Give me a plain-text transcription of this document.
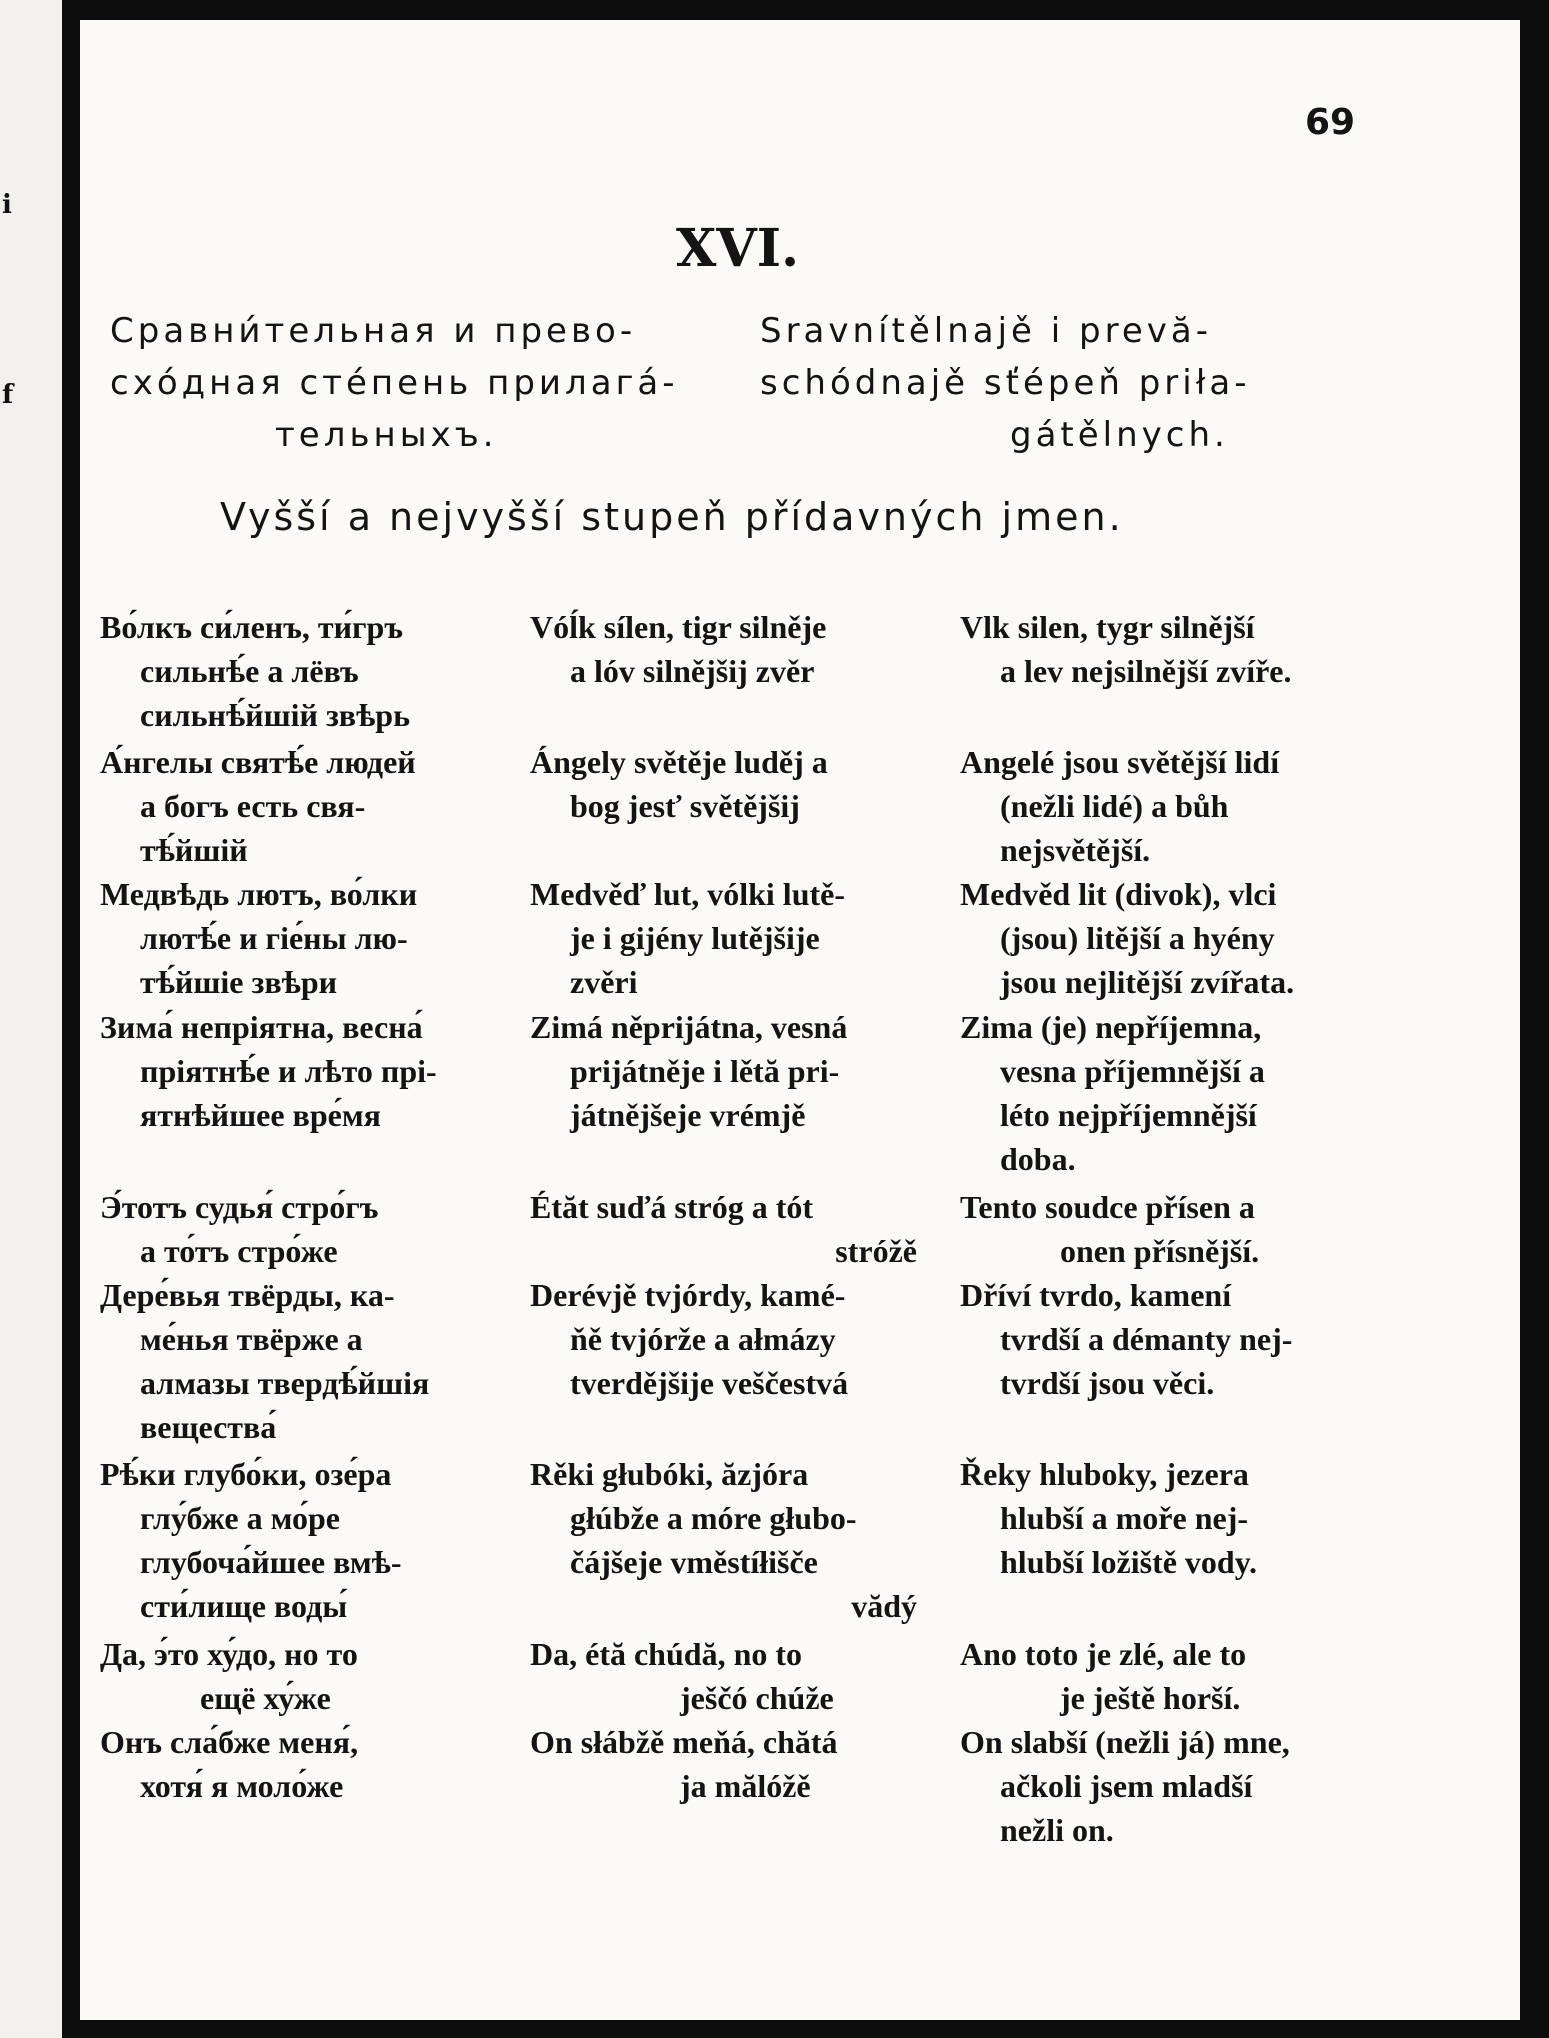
i
f
69
XVI.
Сравни́тельная и прево-
схо́дная сте́пень прилага́-
тельныхъ.
Sravnítělnajě i prevă-
schódnajě sťépeň priła-
gátělnych.
Vyšší a nejvyšší stupeň přídavných jmen.
Во́лкъ си́ленъ, ти́гръ
сильнѣ́е а лёвъ
сильнѣ́йшій звѣрь
Vóĺk sílen, tigr silnějе
a lóv silnějšij zvěr
Vlk silen, tygr silnější
a lev nejsilnější zvíře.
А́нгелы святѣ́е людей
а богъ есть свя-
тѣ́йшій
Ángely světěje luděj a
bog jesť světějšij
Angelé jsou světější lidí
(nežli lidé) a bůh
nejsvětější.
Медвѣдь лютъ, во́лки
лютѣ́е и гіе́ны лю-
тѣ́йшіе звѣри
Medvěď lut, vólki lutě-
je i gijény lutějšije
zvěri
Medvěd lit (divok), vlci
(jsou) litější a hyény
jsou nejlitější zvířata.
Зима́ непріятна, весна́
пріятнѣ́е и лѣто прі-
ятнѣйшее вре́мя
Zimá něprijátna, vesná
prijátněje i lětă pri-
játnějšeje vrémjě
Zima (je) nepříjemna,
vesna příjemnější a
léto nejpříjemnější
doba.
Э́тотъ судья́ стро́гъ
а то́тъ стро́же
Étăt suďá stróg a tót
stróžě
Tento soudce přísen a
onen přísnější.
Дере́вья твёрды, ка-
ме́нья твёрже а
алмазы твердѣ́йшія
вещества́
Derévjě tvjórdy, kamé-
ňě tvjórže a ałmázy
tverdějšije veščestvá
Dříví tvrdo, kamení
tvrdší a démanty nej-
tvrdší jsou věci.
Рѣ́ки глубо́ки, озе́ра
глу́бже а мо́ре
глубоча́йшее вмѣ-
сти́лище воды́
Rěki głubóki, ăzjóra
głúbže a móre głubo-
čájšeje vměstíłišče
vădý
Řeky hluboky, jezera
hlubší a moře nej-
hlubší ložiště vody.
Да, э́то ху́до, но то
ещё ху́же
Da, étă chúdă, no to
ješčó chúže
Ano toto je zlé, ale to
je ještě horší.
Онъ сла́бже меня́,
хотя́ я моло́же
On słábžě meňá, chătá
ja mălóžě
On slabší (nežli já) mne,
ačkoli jsem mladší
nežli on.
